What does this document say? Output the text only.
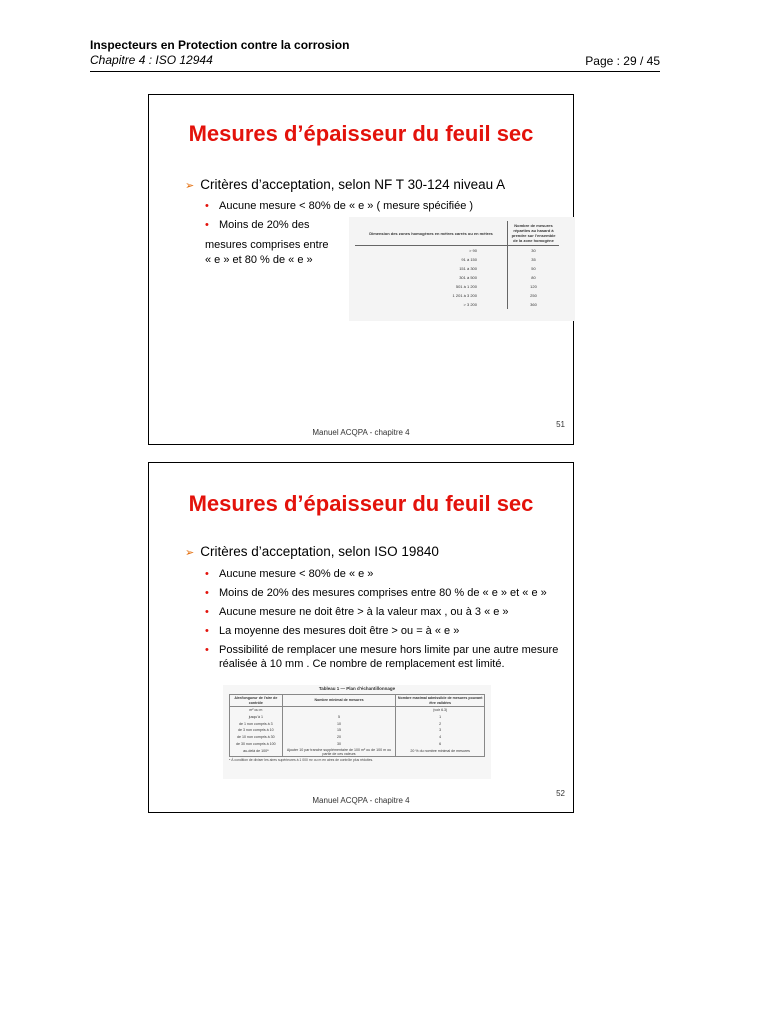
Inspecteurs en Protection contre la corrosion
Chapitre 4 : ISO 12944	Page : 29 / 45
Mesures d’épaisseur du feuil sec
➢ Critères d’acceptation, selon NF T 30-124 niveau A
• Aucune mesure < 80% de « e » ( mesure spécifiée )
• Moins de 20% des
mesures comprises entre
« e » et 80 % de « e »
Dimension des zones homogènes en mètres carrés ou en mètres	Nombre de mesures réparties au hasard à prendre sur l'ensemble de la zone homogène
> 90	30
91 à 150	35
151 à 300	50
301 à 500	80
501 à 1 200	120
1 201 à 3 200	250
> 3 200	360
51
Manuel ACQPA - chapitre 4
Mesures d’épaisseur du feuil sec
➢ Critères d’acceptation, selon ISO 19840
• Aucune mesure < 80% de « e »
• Moins de 20% des mesures comprises entre 80 % de « e » et « e »
• Aucune mesure ne doit être > à la valeur max , ou à 3 « e »
• La moyenne des mesures doit être > ou = à « e »
• Possibilité de remplacer une mesure hors limite par une autre mesure réalisée à 10 mm . Ce nombre de remplacement est limité.
Tableau 1 — Plan d'échantillonnage
Aire/longueur de l'aire de contrôle	Nombre minimal de mesures	Nombre maximal admissible de mesures pouvant être validées
m² ou m		(voir 6.3)
jusqu'à 1	5	1
de 1 non compris à 3	10	2
de 3 non compris à 10	15	3
de 10 non compris à 30	20	4
de 30 non compris à 100	30	6
au-delà de 100ᵃ	Ajouter 10 par tranche supplémentaire de 100 m² ou de 100 m ou partie de ces valeurs	20 % du nombre minimal de mesures
ᵃ À condition de diviser les aires supérieures à 1 000 m² ou m en aires de contrôle plus réduites.
52
Manuel ACQPA - chapitre 4
